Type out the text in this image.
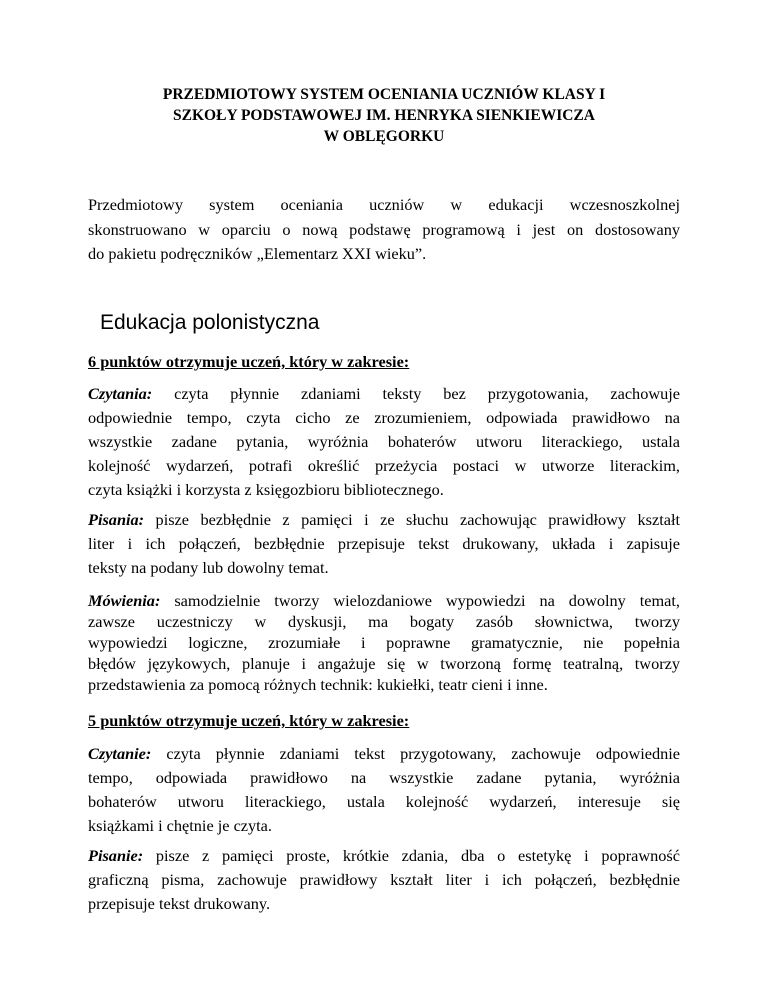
PRZEDMIOTOWY SYSTEM OCENIANIA UCZNIÓW KLASY I
SZKOŁY PODSTAWOWEJ IM. HENRYKA SIENKIEWICZA
W OBLĘGORKU
Przedmiotowy system oceniania uczniów w edukacji wczesnoszkolnej
skonstruowano w oparciu o nową podstawę programową i jest on dostosowany
do pakietu podręczników „Elementarz XXI wieku”.
Edukacja polonistyczna
6 punktów otrzymuje uczeń, który w zakresie:
Czytania: czyta płynnie zdaniami teksty bez przygotowania, zachowuje
odpowiednie tempo, czyta cicho ze zrozumieniem, odpowiada prawidłowo na
wszystkie zadane pytania, wyróżnia bohaterów utworu literackiego, ustala
kolejność wydarzeń, potrafi określić przeżycia postaci w utworze literackim,
czyta książki i korzysta z księgozbioru bibliotecznego.
Pisania: pisze bezbłędnie z pamięci i ze słuchu zachowując prawidłowy kształt
liter i ich połączeń, bezbłędnie przepisuje tekst drukowany, układa i zapisuje
teksty na podany lub dowolny temat.
Mówienia: samodzielnie tworzy wielozdaniowe wypowiedzi na dowolny temat,
zawsze uczestniczy w dyskusji, ma bogaty zasób słownictwa, tworzy
wypowiedzi logiczne, zrozumiałe i poprawne gramatycznie, nie popełnia
błędów językowych, planuje i angażuje się w tworzoną formę teatralną, tworzy
przedstawienia za pomocą różnych technik: kukiełki, teatr cieni i inne.
5 punktów otrzymuje uczeń, który w zakresie:
Czytanie: czyta płynnie zdaniami tekst przygotowany, zachowuje odpowiednie
tempo, odpowiada prawidłowo na wszystkie zadane pytania, wyróżnia
bohaterów utworu literackiego, ustala kolejność wydarzeń, interesuje się
książkami i chętnie je czyta.
Pisanie: pisze z pamięci proste, krótkie zdania, dba o estetykę i poprawność
graficzną pisma, zachowuje prawidłowy kształt liter i ich połączeń, bezbłędnie
przepisuje tekst drukowany.
